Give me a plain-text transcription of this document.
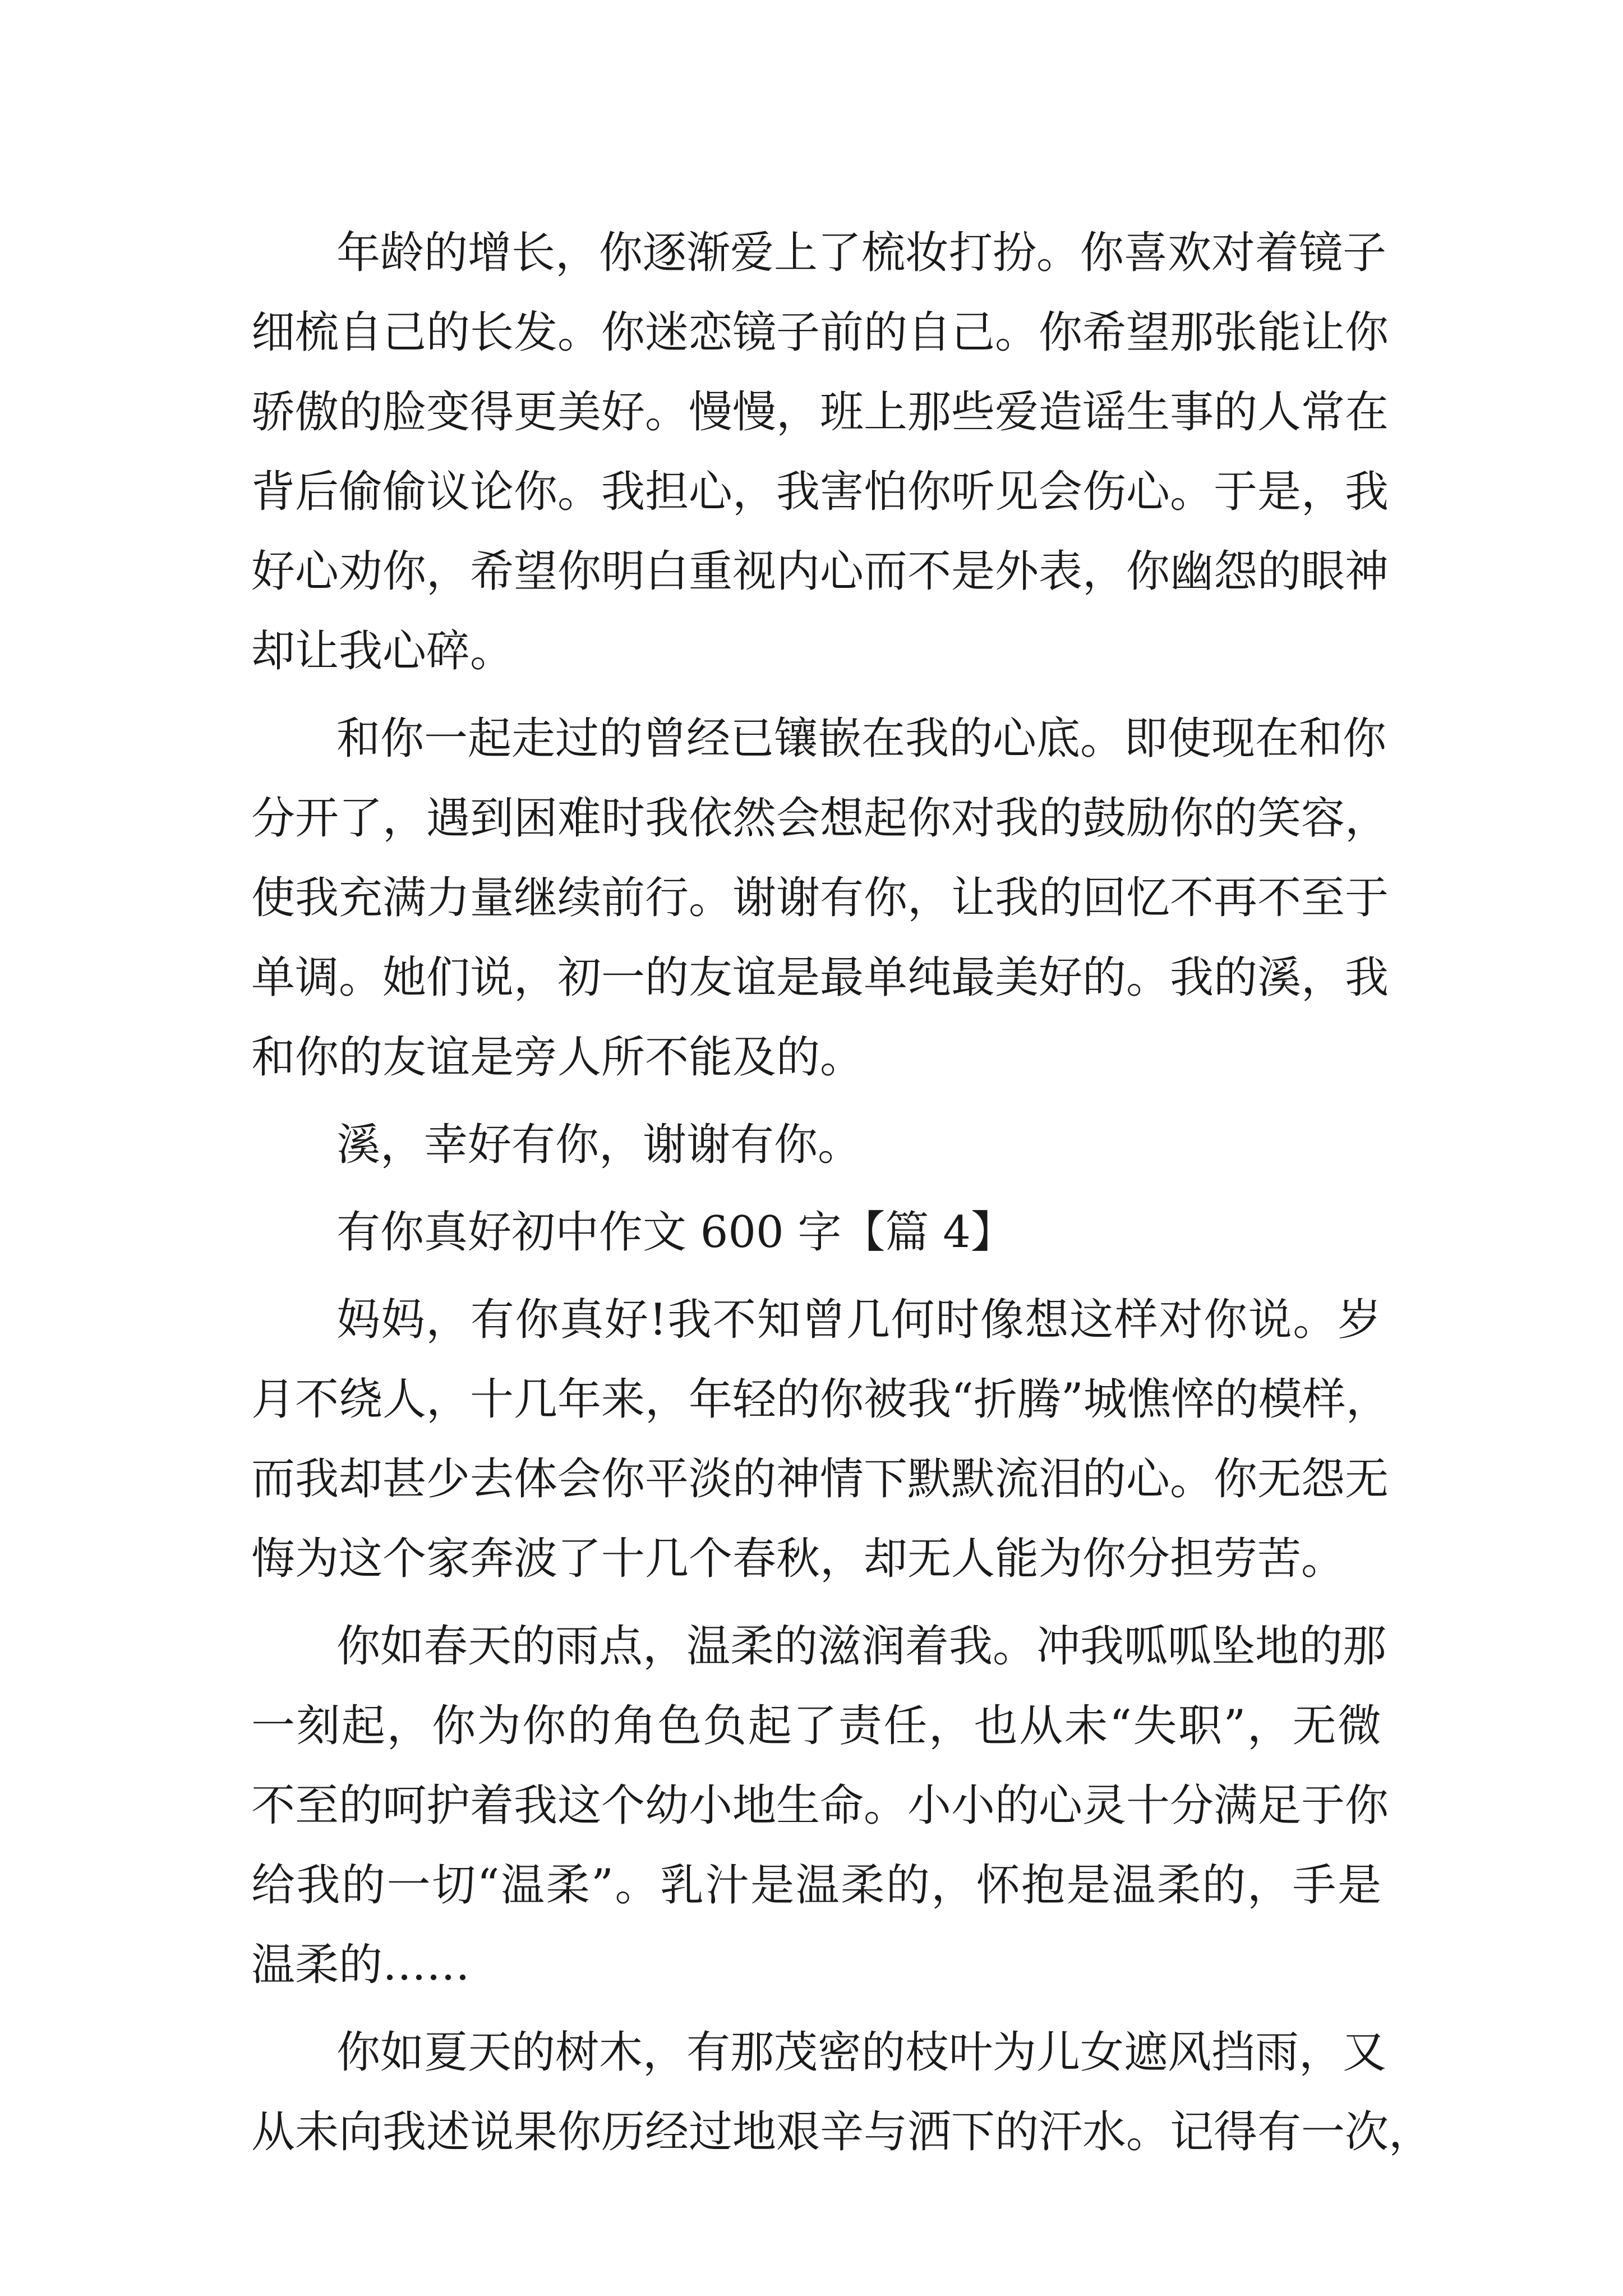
年龄的增长，你逐渐爱上了梳妆打扮。你喜欢对着镜子
细梳自己的长发。你迷恋镜子前的自己。你希望那张能让你
骄傲的脸变得更美好。慢慢，班上那些爱造谣生事的人常在
背后偷偷议论你。我担心，我害怕你听见会伤心。于是，我
好心劝你，希望你明白重视内心而不是外表，你幽怨的眼神
却让我心碎。
和你一起走过的曾经已镶嵌在我的心底。即使现在和你
分开了，遇到困难时我依然会想起你对我的鼓励你的笑容，
使我充满力量继续前行。谢谢有你，让我的回忆不再不至于
单调。她们说，初一的友谊是最单纯最美好的。我的溪，我
和你的友谊是旁人所不能及的。
溪，幸好有你，谢谢有你。
有你真好初中作文 600 字【篇 4】
妈妈，有你真好!我不知曾几何时像想这样对你说。岁
月不绕人，十几年来，年轻的你被我“折腾”城憔悴的模样，
而我却甚少去体会你平淡的神情下默默流泪的心。你无怨无
悔为这个家奔波了十几个春秋，却无人能为你分担劳苦。
你如春天的雨点，温柔的滋润着我。冲我呱呱坠地的那
一刻起，你为你的角色负起了责任，也从未“失职”，无微
不至的呵护着我这个幼小地生命。小小的心灵十分满足于你
给我的一切“温柔”。乳汁是温柔的，怀抱是温柔的，手是
温柔的……
你如夏天的树木，有那茂密的枝叶为儿女遮风挡雨，又
从未向我述说果你历经过地艰辛与洒下的汗水。记得有一次，
